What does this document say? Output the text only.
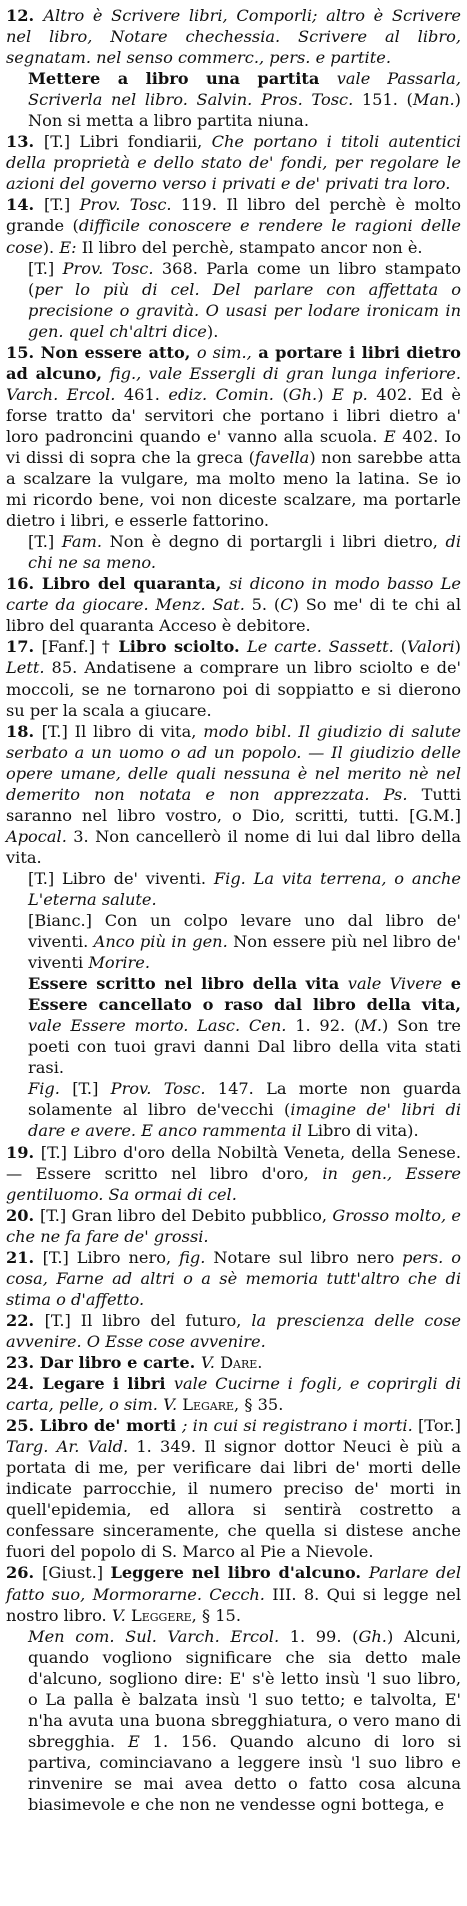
12. Altro è Scrivere libri, Comporli; altro è Scrivere nel libro, Notare chechessia. Scrivere al libro, segnatam. nel senso commerc., pers. e partite.

Mettere a libro una partita vale Passarla, Scriverla nel libro. Salvin. Pros. Tosc. 151. (Man.) Non si metta a libro partita niuna.

13. [T.] Libri fondiarii, Che portano i titoli autentici della proprietà e dello stato de' fondi, per regolare le azioni del governo verso i privati e de' privati tra loro.

14. [T.] Prov. Tosc. 119. Il libro del perchè è molto grande (difficile conoscere e rendere le ragioni delle cose). E: Il libro del perchè, stampato ancor non è.

[T.] Prov. Tosc. 368. Parla come un libro stampato (per lo più di cel. Del parlare con affettata o precisione o gravità. O usasi per lodare ironicam in gen. quel ch'altri dice).

15. Non essere atto, o sim., a portare i libri dietro ad alcuno, fig., vale Essergli di gran lunga inferiore. Varch. Ercol. 461. ediz. Comin. (Gh.) E p. 402. Ed è forse tratto da' servitori che portano i libri dietro a' loro padroncini quando e' vanno alla scuola. E 402. Io vi dissi di sopra che la greca (favella) non sarebbe atta a scalzare la vulgare, ma molto meno la latina. Se io mi ricordo bene, voi non diceste scalzare, ma portarle dietro i libri, e esserle fattorino.

[T.] Fam. Non è degno di portargli i libri dietro, di chi ne sa meno.

16. Libro del quaranta, si dicono in modo basso Le carte da giocare. Menz. Sat. 5. (C) So me' di te chi al libro del quaranta Acceso è debitore.

17. [Fanf.] † Libro sciolto. Le carte. Sassett. (Valori) Lett. 85. Andatisene a comprare un libro sciolto e de' moccoli, se ne tornarono poi di soppiatto e si dierono su per la scala a giucare.

18. [T.] Il libro di vita, modo bibl. Il giudizio di salute serbato a un uomo o ad un popolo. — Il giudizio delle opere umane, delle quali nessuna è nel merito nè nel demerito non notata e non apprezzata. Ps. Tutti saranno nel libro vostro, o Dio, scritti, tutti. [G.M.] Apocal. 3. Non cancellerò il nome di lui dal libro della vita.

[T.] Libro de' viventi. Fig. La vita terrena, o anche L'eterna salute.

[Bianc.] Con un colpo levare uno dal libro de' viventi. Anco più in gen. Non essere più nel libro de' viventi Morire.

Essere scritto nel libro della vita vale Vivere e Essere cancellato o raso dal libro della vita, vale Essere morto. Lasc. Cen. 1. 92. (M.) Son tre poeti con tuoi gravi danni Dal libro della vita stati rasi.

Fig. [T.] Prov. Tosc. 147. La morte non guarda solamente al libro de'vecchi (imagine de' libri di dare e avere. E anco rammenta il Libro di vita).

19. [T.] Libro d'oro della Nobiltà Veneta, della Senese. — Essere scritto nel libro d'oro, in gen., Essere gentiluomo. Sa ormai di cel.

20. [T.] Gran libro del Debito pubblico, Grosso molto, e che ne fa fare de' grossi.

21. [T.] Libro nero, fig. Notare sul libro nero pers. o cosa, Farne ad altri o a sè memoria tutt'altro che di stima o d'affetto.

22. [T.] Il libro del futuro, la prescienza delle cose avvenire. O Esse cose avvenire.

23. Dar libro e carte. V. Dare.

24. Legare i libri vale Cucirne i fogli, e coprirgli di carta, pelle, o sim. V. Legare, § 35.

25. Libro de' morti ; in cui si registrano i morti. [Tor.] Targ. Ar. Vald. 1. 349. Il signor dottor Neuci è più a portata di me, per verificare dai libri de' morti delle indicate parrocchie, il numero preciso de' morti in quell'epidemia, ed allora si sentirà costretto a confessare sinceramente, che quella si distese anche fuori del popolo di S. Marco al Pie a Nievole.

26. [Giust.] Leggere nel libro d'alcuno. Parlare del fatto suo, Mormorarne. Cecch. III. 8. Qui si legge nel nostro libro. V. Leggere, § 15.

Men com. Sul. Varch. Ercol. 1. 99. (Gh.) Alcuni, quando vogliono significare che sia detto male d'alcuno, sogliono dire: E' s'è letto insù 'l suo libro, o La palla è balzata insù 'l suo tetto; e talvolta, E' n'ha avuta una buona sbregghiatura, o vero mano di sbregghia. E 1. 156. Quando alcuno di loro si partiva, cominciavano a leggere insù 'l suo libro e rinvenire se mai avea detto o fatto cosa alcuna biasimevole e che non ne vendesse ogni bottega, e
